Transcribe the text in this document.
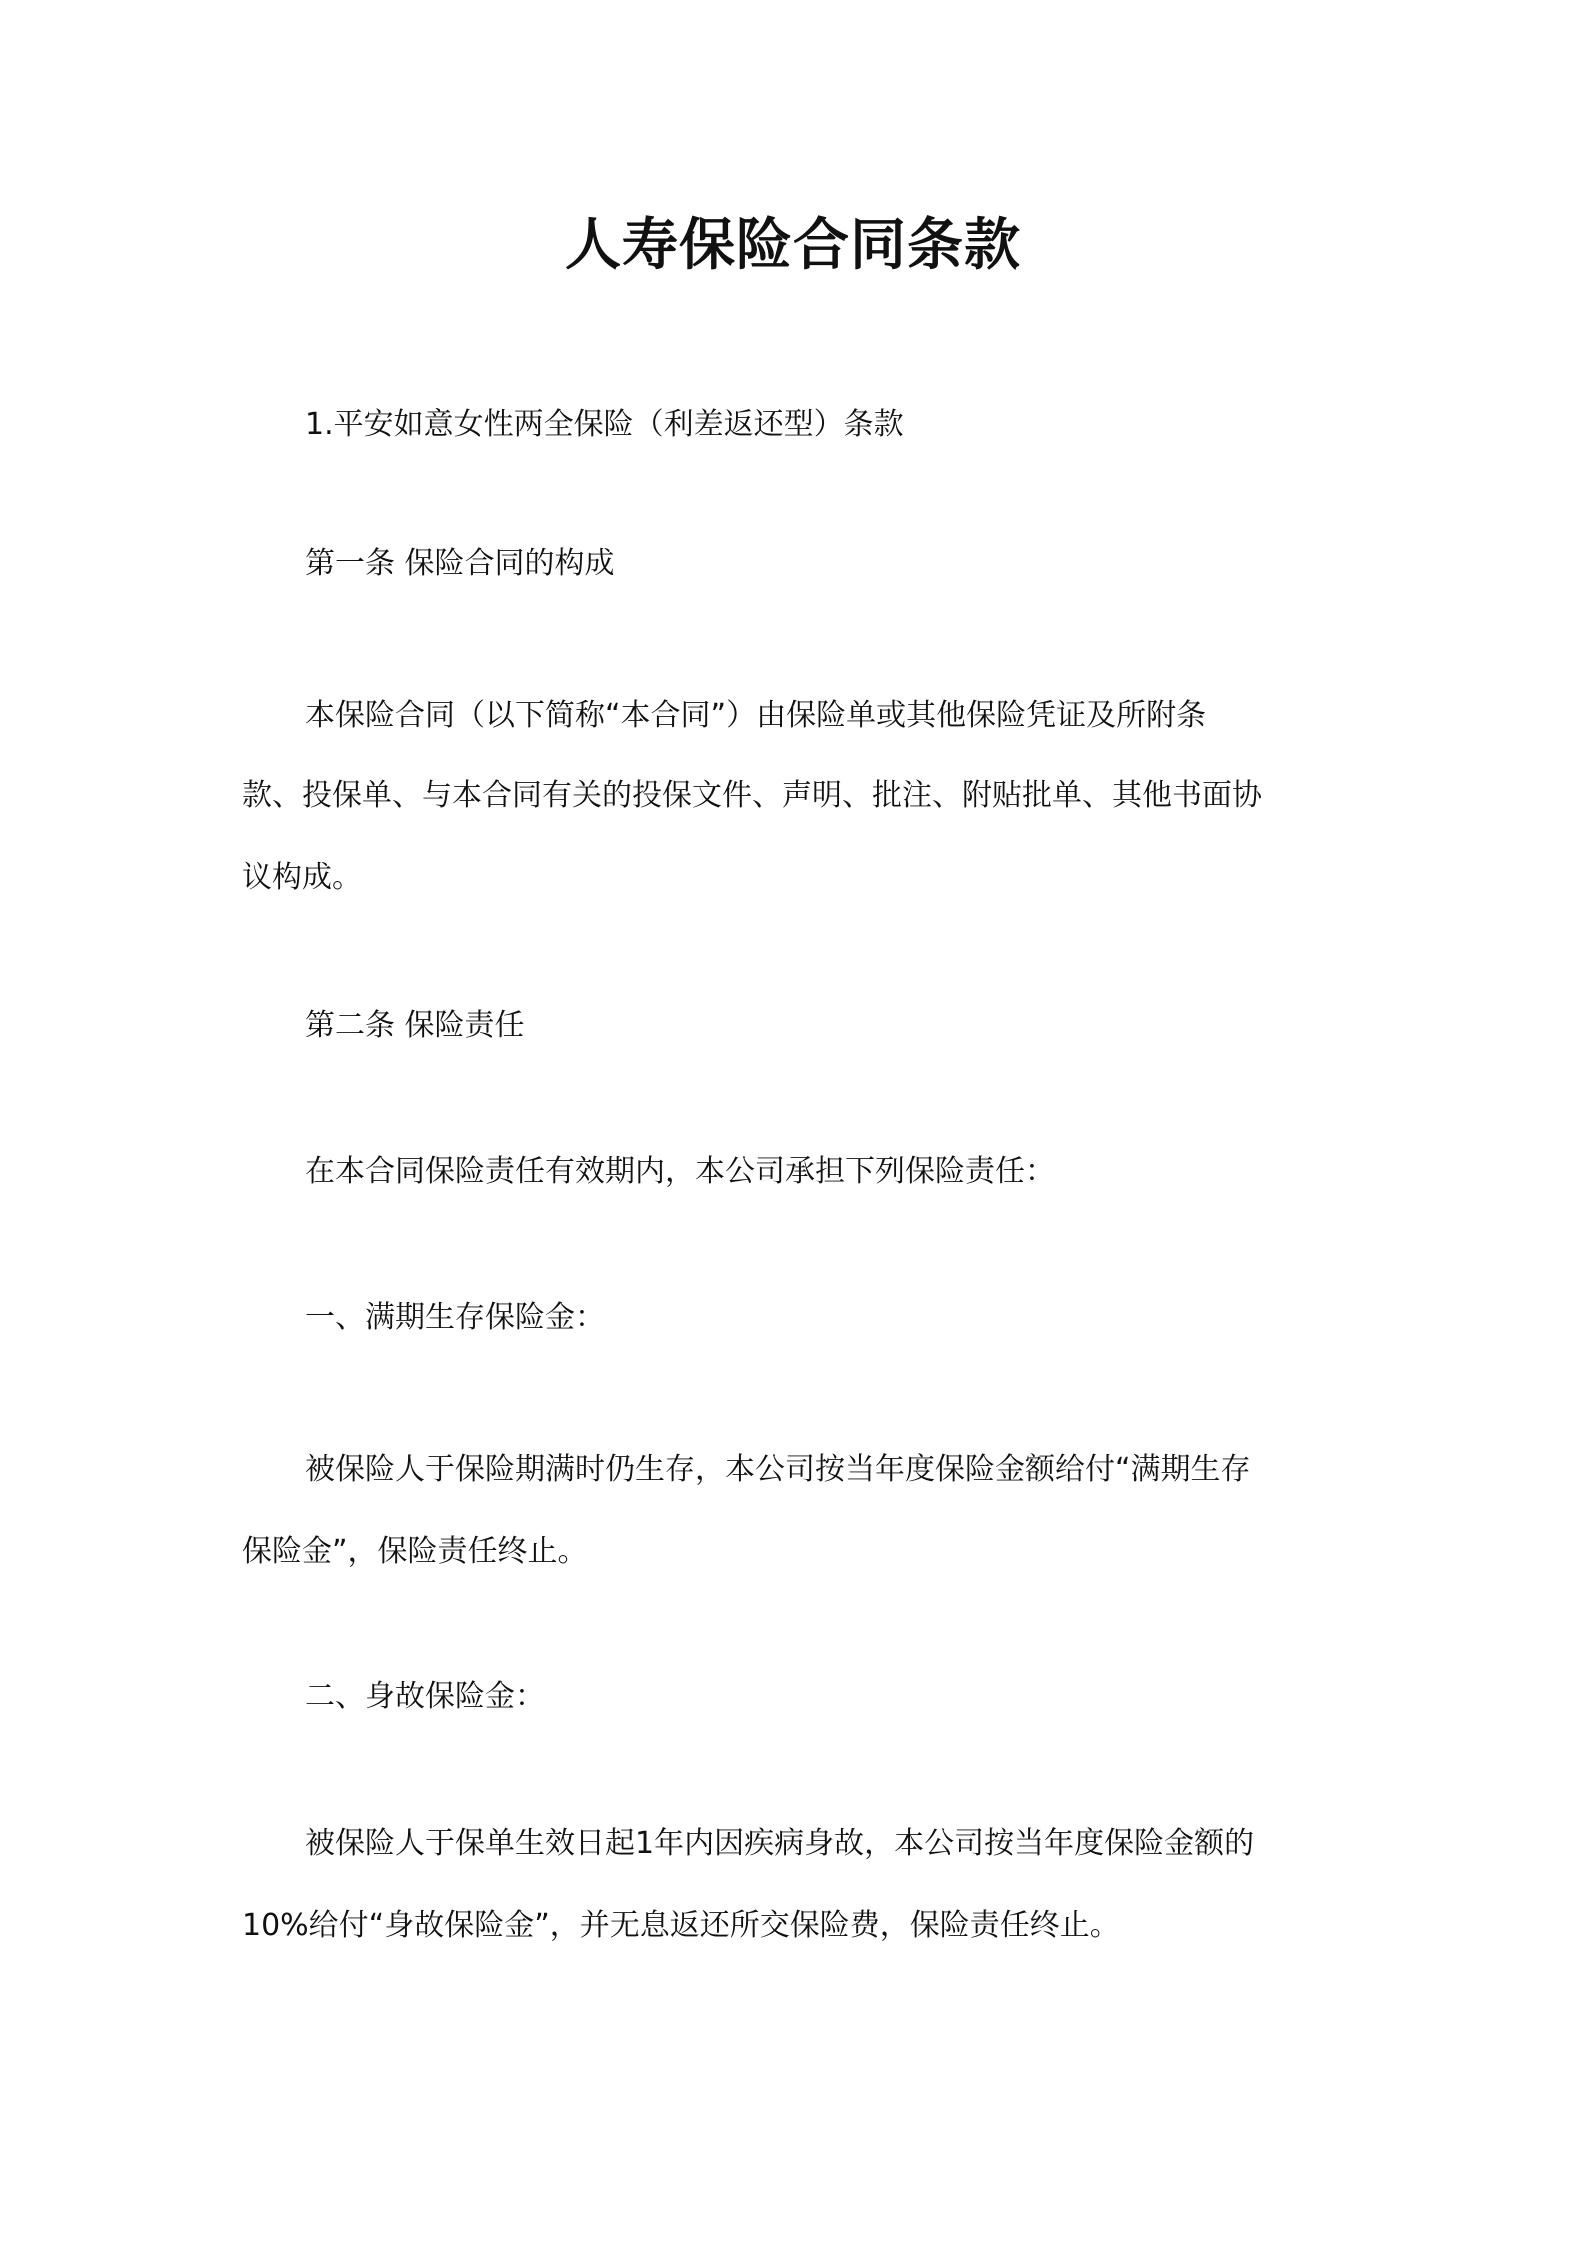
人寿保险合同条款

1.平安如意女性两全保险（利差返还型）条款

第一条 保险合同的构成

本保险合同（以下简称“本合同”）由保险单或其他保险凭证及所附条

款、投保单、与本合同有关的投保文件、声明、批注、附贴批单、其他书面协

议构成。

第二条 保险责任

在本合同保险责任有效期内，本公司承担下列保险责任：

一、满期生存保险金：

被保险人于保险期满时仍生存，本公司按当年度保险金额给付“满期生存

保险金”，保险责任终止。

二、身故保险金：

被保险人于保单生效日起1年内因疾病身故，本公司按当年度保险金额的

10%给付“身故保险金”，并无息返还所交保险费，保险责任终止。
